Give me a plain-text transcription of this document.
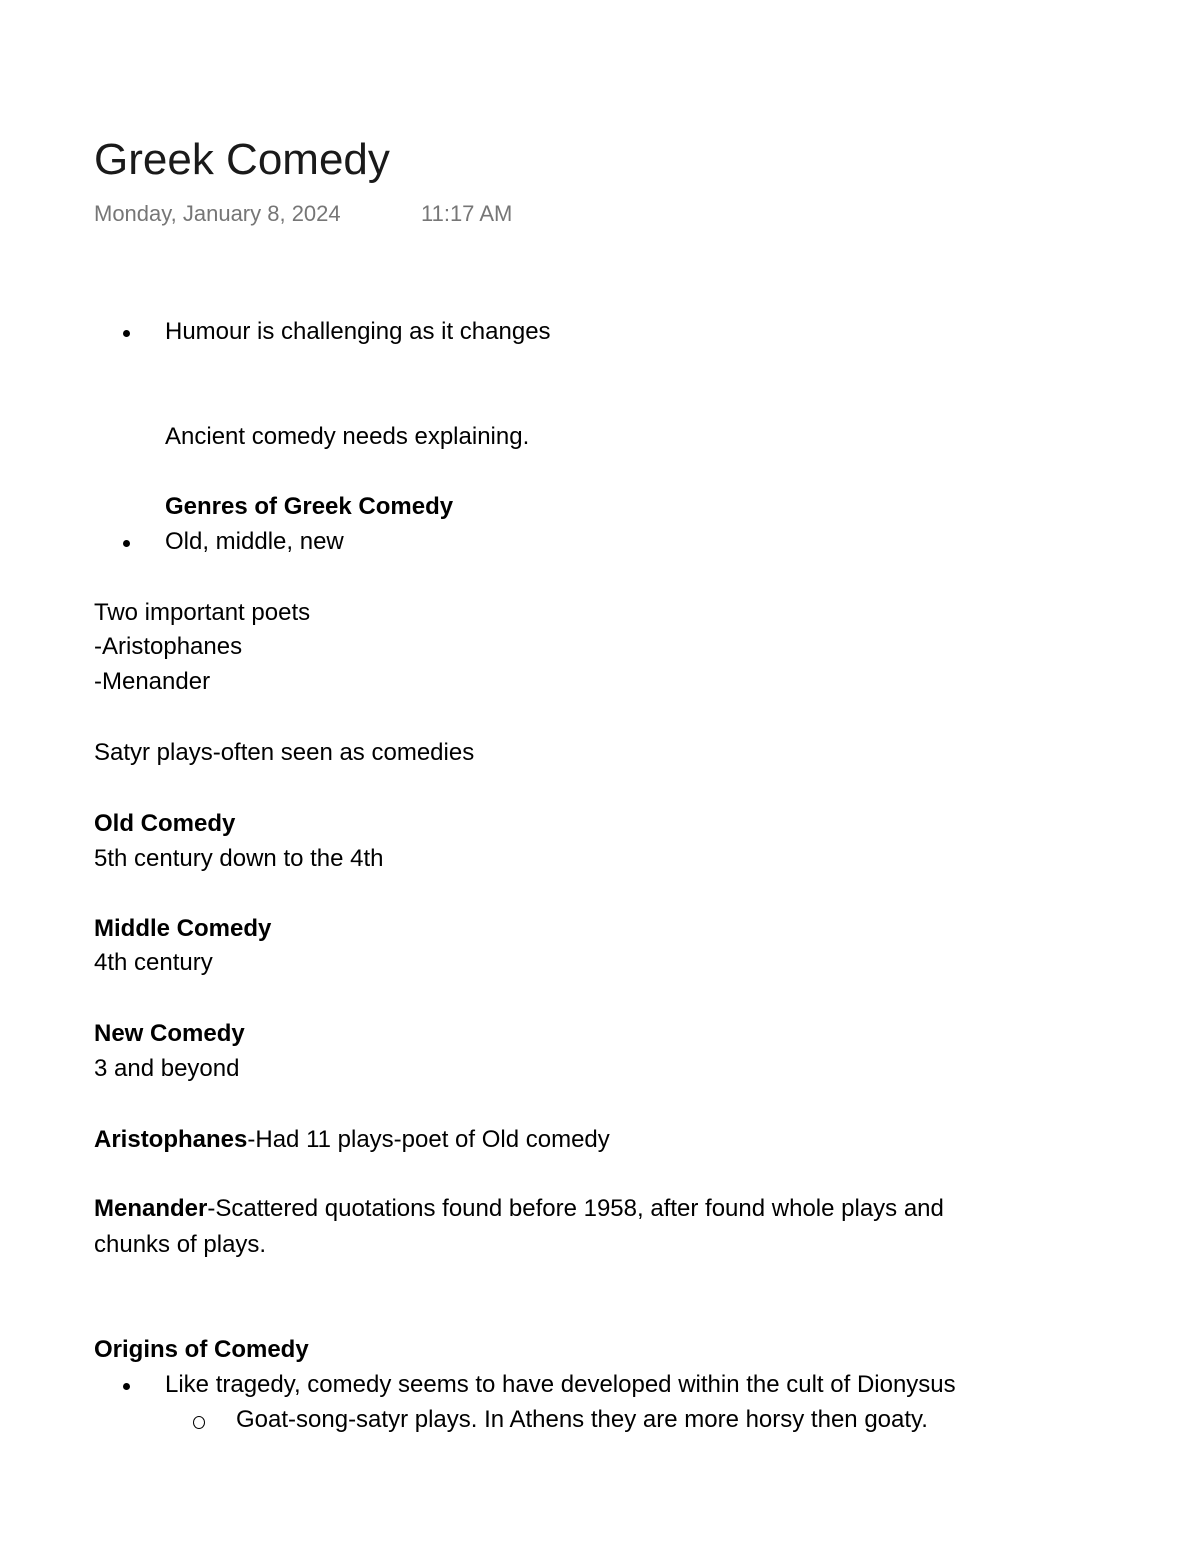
Greek Comedy
Monday, January 8, 2024	11:17 AM
Humour is challenging as it changes
Ancient comedy needs explaining.
Genres of Greek Comedy
Old, middle, new
Two important poets
-Aristophanes
-Menander
Satyr plays-often seen as comedies
Old Comedy
5th century down to the 4th
Middle Comedy
4th century
New Comedy
3 and beyond
Aristophanes-Had 11 plays-poet of Old comedy
Menander-Scattered quotations found before 1958, after found whole plays and
chunks of plays.
Origins of Comedy
Like tragedy, comedy seems to have developed within the cult of Dionysus
Goat-song-satyr plays. In Athens they are more horsy then goaty.
